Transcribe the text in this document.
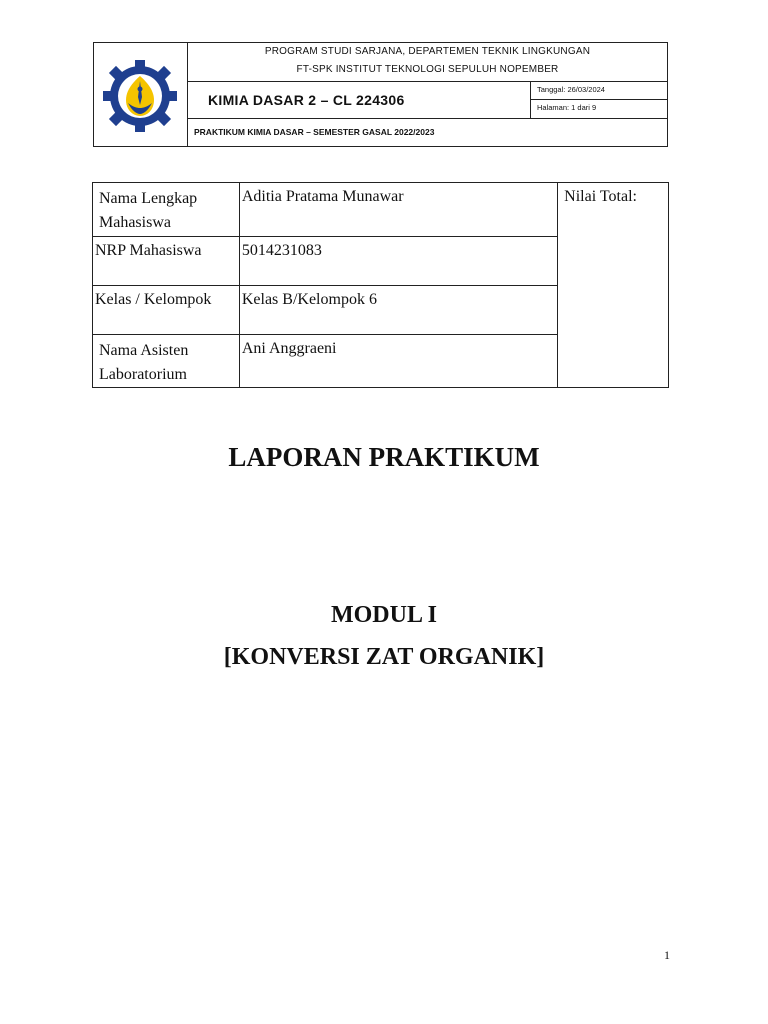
PROGRAM STUDI SARJANA, DEPARTEMEN TEKNIK LINGKUNGAN
FT-SPK INSTITUT TEKNOLOGI SEPULUH NOPEMBER
KIMIA DASAR 2 – CL 224306
Tanggal: 26/03/2024
Halaman: 1 dari 9
PRAKTIKUM KIMIA DASAR – SEMESTER GASAL 2022/2023
Nama Lengkap
Mahasiswa	Aditia Pratama Munawar	Nilai Total:

NRP Mahasiswa	5014231083	

Kelas / Kelompok	Kelas B/Kelompok 6	

Nama Asisten
Laboratorium	Ani Anggraeni	
LAPORAN PRAKTIKUM
MODUL I
[KONVERSI ZAT ORGANIK]
1
